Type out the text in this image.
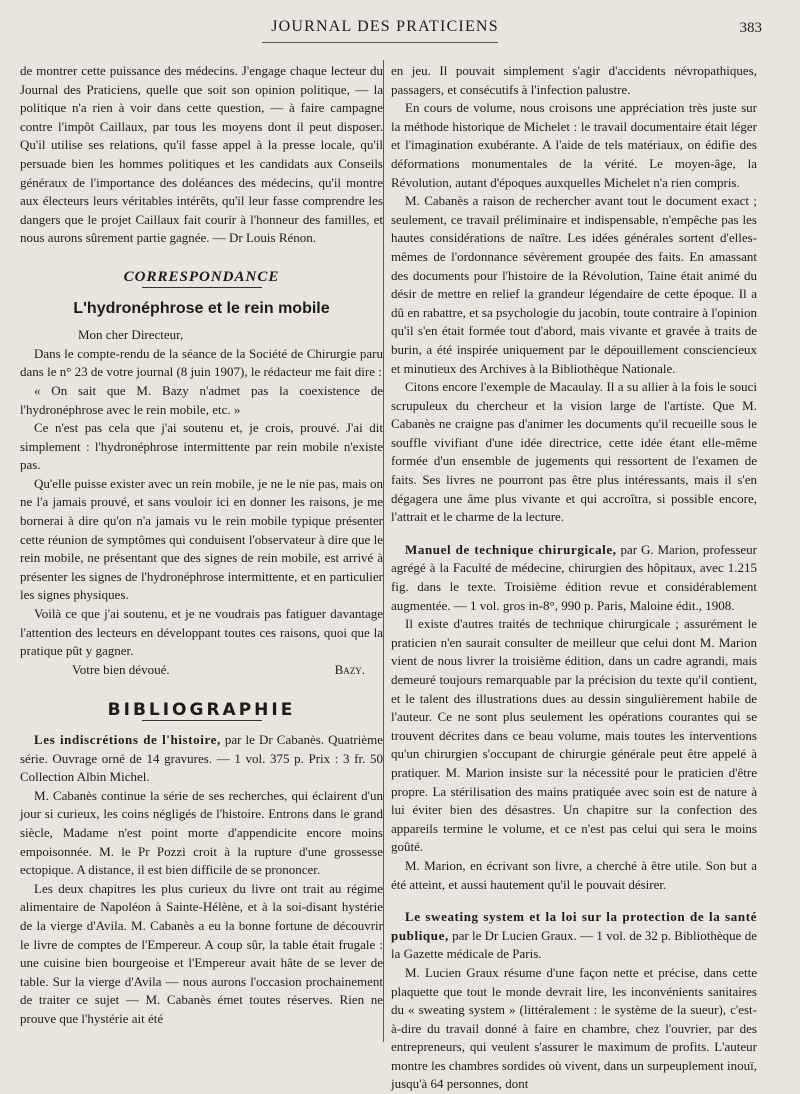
JOURNAL DES PRATICIENS	383

de montrer cette puissance des médecins. J'engage chaque lecteur du Journal des Praticiens, quelle que soit son opinion politique, — la politique n'a rien à voir dans cette question, — à faire campagne contre l'impôt Caillaux, par tous les moyens dont il peut disposer. Qu'il utilise ses relations, qu'il fasse appel à la presse locale, qu'il persuade bien les hommes politiques et les candidats aux Conseils généraux de l'importance des doléances des médecins, qu'il montre aux électeurs leurs véritables intérêts, qu'il leur fasse comprendre les dangers que le projet Caillaux fait courir à l'honneur des familles, et nous aurons sûrement partie gagnée. — Dr Louis Rénon.

CORRESPONDANCE
L'hydronéphrose et le rein mobile

Mon cher Directeur,

Dans le compte-rendu de la séance de la Société de Chirurgie paru dans le n° 23 de votre journal (8 juin 1907), le rédacteur me fait dire :

« On sait que M. Bazy n'admet pas la coexistence de l'hydronéphrose avec le rein mobile, etc. »

Ce n'est pas cela que j'ai soutenu et, je crois, prouvé. J'ai dit simplement : l'hydronéphrose intermittente par rein mobile n'existe pas.

Qu'elle puisse exister avec un rein mobile, je ne le nie pas, mais on ne l'a jamais prouvé, et sans vouloir ici en donner les raisons, je me bornerai à dire qu'on n'a jamais vu le rein mobile typique présenter cette réunion de symptômes qui conduisent l'observateur à dire que le rein mobile, ne présentant que des signes de rein mobile, est arrivé à présenter les signes de l'hydronéphrose intermittente, et en particulier les signes physiques.

Voilà ce que j'ai soutenu, et je ne voudrais pas fatiguer davantage l'attention des lecteurs en développant toutes ces raisons, quoi que la pratique pût y gagner.

Votre bien dévoué.	Bazy.
BIBLIOGRAPHIE

Les indiscrétions de l'histoire, par le Dr Cabanès. Quatrième série. Ouvrage orné de 14 gravures. — 1 vol. 375 p. Prix : 3 fr. 50 Collection Albin Michel.

M. Cabanès continue la série de ses recherches, qui éclairent d'un jour si curieux, les coins négligés de l'histoire. Entrons dans le grand siècle, Madame n'est point morte d'appendicite encore moins empoisonnée. M. le Pr Pozzi croit à la rupture d'une grossesse ectopique. A distance, il est bien difficile de se prononcer.

Les deux chapitres les plus curieux du livre ont trait au régime alimentaire de Napoléon à Sainte-Hélène, et à la soi-disant hystérie de la vierge d'Avila. M. Cabanès a eu la bonne fortune de découvrir le livre de comptes de l'Empereur. A coup sûr, la table était frugale : une cuisine bien bourgeoise et l'Empereur avait hâte de se lever de table. Sur la vierge d'Avila — nous aurons l'occasion prochainement de traiter ce sujet — M. Cabanès émet toutes réserves. Rien ne prouve que l'hystérie ait été

en jeu. Il pouvait simplement s'agir d'accidents névropathiques, passagers, et consécutifs à l'infection palustre.

En cours de volume, nous croisons une appréciation très juste sur la méthode historique de Michelet : le travail documentaire était léger et l'imagination exubérante. A l'aide de tels matériaux, on édifie des déformations monumentales de la vérité. Le moyen-âge, la Révolution, autant d'époques auxquelles Michelet n'a rien compris.

M. Cabanès a raison de rechercher avant tout le document exact ; seulement, ce travail préliminaire et indispensable, n'empêche pas les hautes considérations de naître. Les idées générales sortent d'elles-mêmes de l'ordonnance sévèrement groupée des faits. En amassant des documents pour l'histoire de la Révolution, Taine était animé du désir de mettre en relief la grandeur légendaire de cette époque. Il a dû en rabattre, et sa psychologie du jacobin, toute contraire à l'opinion qu'il s'en était formée tout d'abord, mais vivante et gravée à traits de burin, a été inspirée uniquement par le dépouillement consciencieux et minutieux des Archives à la Bibliothèque Nationale.

Citons encore l'exemple de Macaulay. Il a su allier à la fois le souci scrupuleux du chercheur et la vision large de l'artiste. Que M. Cabanès ne craigne pas d'animer les documents qu'il recueille sous le souffle vivifiant d'une idée directrice, cette idée étant elle-même formée d'un ensemble de jugements qui ressortent de l'examen de faits. Ses livres ne pourront pas être plus intéressants, mais il s'en dégagera une âme plus vivante et qui accroîtra, si possible encore, l'attrait et le charme de la lecture.

Manuel de technique chirurgicale, par G. Marion, professeur agrégé à la Faculté de médecine, chirurgien des hôpitaux, avec 1.215 fig. dans le texte. Troisième édition revue et considérablement augmentée. — 1 vol. gros in-8°, 990 p. Paris, Maloine édit., 1908.

Il existe d'autres traités de technique chirurgicale ; assurément le praticien n'en saurait consulter de meilleur que celui dont M. Marion vient de nous livrer la troisième édition, dans un cadre agrandi, mais demeuré toujours remarquable par la précision du texte qu'il contient, et le talent des illustrations dues au dessin singulièrement habile de l'auteur. Ce ne sont plus seulement les opérations courantes qui se trouvent décrites dans ce beau volume, mais toutes les interventions qu'un chirurgien s'occupant de chirurgie générale peut être appelé à pratiquer. M. Marion insiste sur la nécessité pour le praticien d'être propre. La stérilisation des mains pratiquée avec soin est de nature à lui éviter bien des désastres. Un chapitre sur la confection des appareils termine le volume, et ce n'est pas celui qui sera le moins goûté.

M. Marion, en écrivant son livre, a cherché à être utile. Son but a été atteint, et aussi hautement qu'il le pouvait désirer.

Le sweating system et la loi sur la protection de la santé publique, par le Dr Lucien Graux. — 1 vol. de 32 p. Bibliothèque de la Gazette médicale de Paris.

M. Lucien Graux résume d'une façon nette et précise, dans cette plaquette que tout le monde devrait lire, les inconvénients sanitaires du « sweating system » (littéralement : le système de la sueur), c'est-à-dire du travail donné à faire en chambre, chez l'ouvrier, par des entrepreneurs, qui veulent s'assurer le maximum de profits. L'auteur montre les chambres sordides où vivent, dans un surpeuplement inouï, jusqu'à 64 personnes, dont
